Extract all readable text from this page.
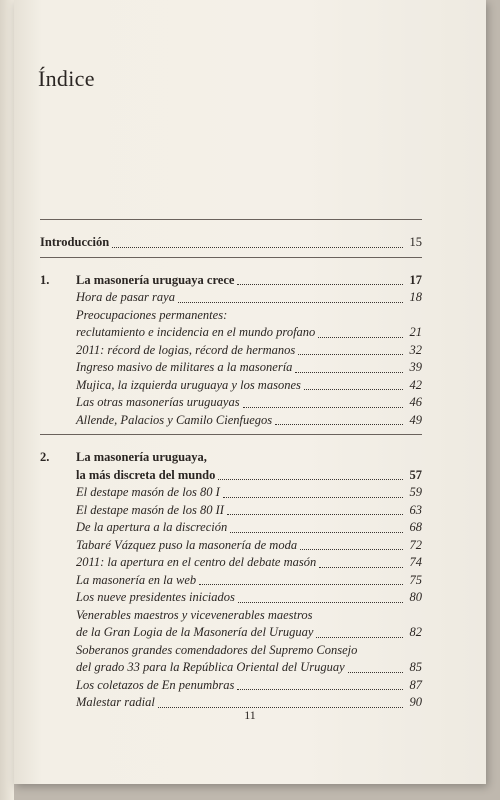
Índice
Introducción	15
1.	La masonería uruguaya crece	17
Hora de pasar raya	18
Preocupaciones permanentes:
reclutamiento e incidencia en el mundo profano	21
2011: récord de logias, récord de hermanos	32
Ingreso masivo de militares a la masonería	39
Mujica, la izquierda uruguaya y los masones	42
Las otras masonerías uruguayas	46
Allende, Palacios y Camilo Cienfuegos	49
2. La masonería uruguaya,
la más discreta del mundo	57
El destape masón de los 80 I	59
El destape masón de los 80 II	63
De la apertura a la discreción	68
Tabaré Vázquez puso la masonería de moda	72
2011: la apertura en el centro del debate masón	74
La masonería en la web	75
Los nueve presidentes iniciados	80
Venerables maestros y vicevenerables maestros
de la Gran Logia de la Masonería del Uruguay	82
Soberanos grandes comendadores del Supremo Consejo
del grado 33 para la República Oriental del Uruguay	85
Los coletazos de En penumbras	87
Malestar radial	90
11
